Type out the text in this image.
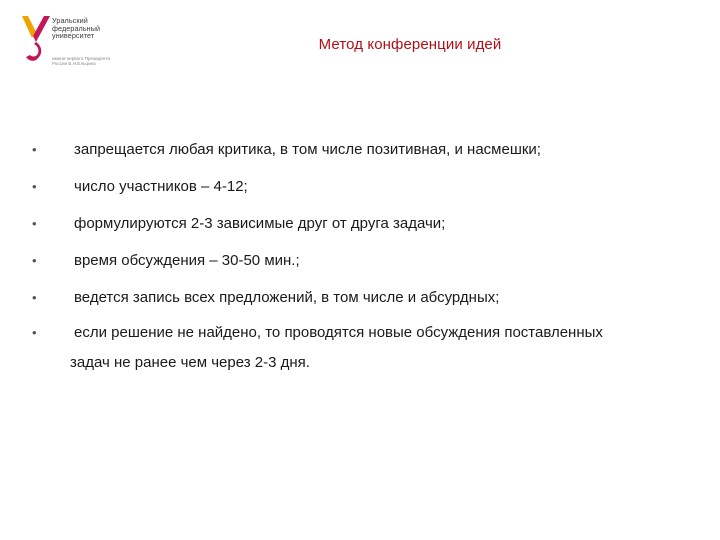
Уральский
федеральный
университет
имени первого Президента
России Б.Н.Ельцина
Метод конференции идей
•	запрещается любая критика, в том числе позитивная, и насмешки;
•	число участников – 4-12;
•	формулируются 2-3 зависимые друг от друга задачи;
•	время обсуждения – 30-50 мин.;
•	ведется запись всех предложений, в том числе и абсурдных;
•	если решение не найдено, то проводятся новые обсуждения поставленных
задач не ранее чем через 2-3 дня.
